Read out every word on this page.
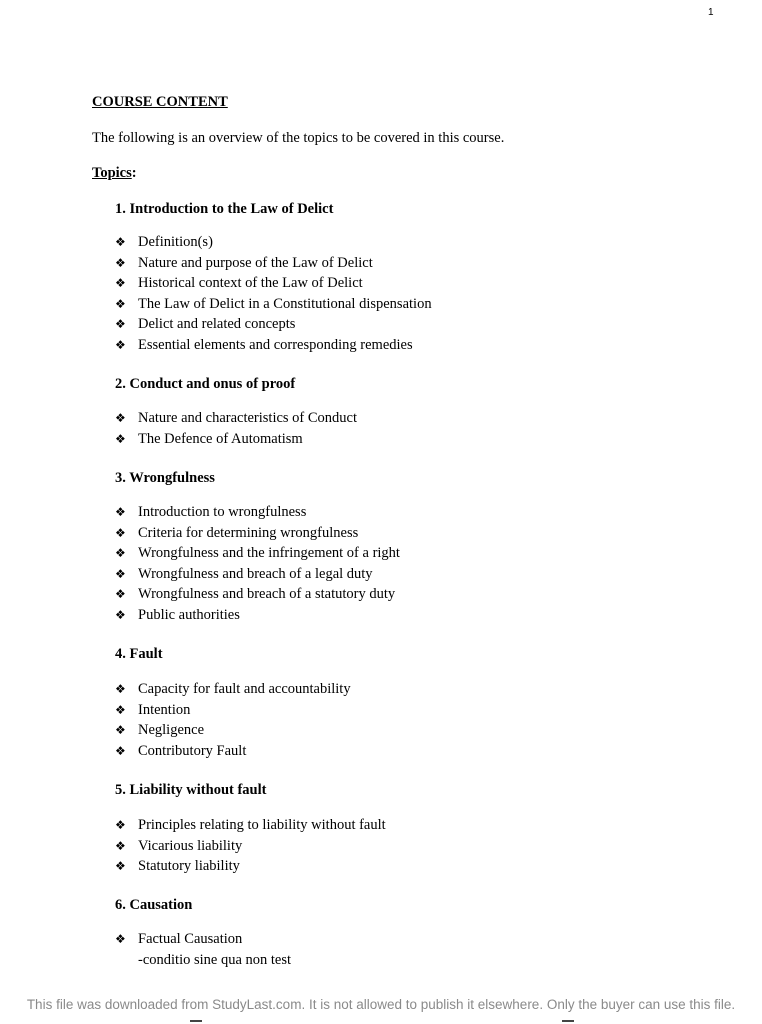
1
COURSE CONTENT

The following is an overview of the topics to be covered in this course.

Topics:
1. Introduction to the Law of Delict
❖ Definition(s)
❖ Nature and purpose of the Law of Delict
❖ Historical context of the Law of Delict
❖ The Law of Delict in a Constitutional dispensation
❖ Delict and related concepts
❖ Essential elements and corresponding remedies
2. Conduct and onus of proof
❖ Nature and characteristics of Conduct
❖ The Defence of Automatism
3. Wrongfulness
❖ Introduction to wrongfulness
❖ Criteria for determining wrongfulness
❖ Wrongfulness and the infringement of a right
❖ Wrongfulness and breach of a legal duty
❖ Wrongfulness and breach of a statutory duty
❖ Public authorities
4. Fault
❖ Capacity for fault and accountability
❖ Intention
❖ Negligence
❖ Contributory Fault
5. Liability without fault
❖ Principles relating to liability without fault
❖ Vicarious liability
❖ Statutory liability
6. Causation
❖ Factual Causation
-conditio sine qua non test
This file was downloaded from StudyLast.com. It is not allowed to publish it elsewhere. Only the buyer can use this file.
